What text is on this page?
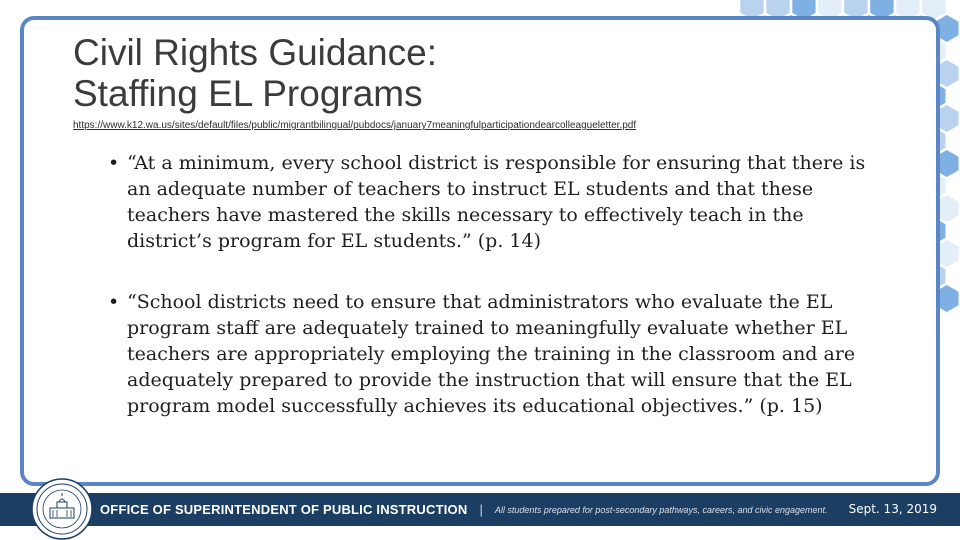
Civil Rights Guidance:
Staffing EL Programs
https://www.k12.wa.us/sites/default/files/public/migrantbilingual/pubdocs/january7meaningfulparticipationdearcolleagueletter.pdf
• “At a minimum, every school district is responsible for ensuring that there is an adequate number of teachers to instruct EL students and that these teachers have mastered the skills necessary to effectively teach in the district’s program for EL students.” (p. 14)
• “School districts need to ensure that administrators who evaluate the EL program staff are adequately trained to meaningfully evaluate whether EL teachers are appropriately employing the training in the classroom and are adequately prepared to provide the instruction that will ensure that the EL program model successfully achieves its educational objectives.” (p. 15)
OFFICE OF SUPERINTENDENT OF PUBLIC INSTRUCTION | All students prepared for post-secondary pathways, careers, and civic engagement. Sept. 13, 2019
